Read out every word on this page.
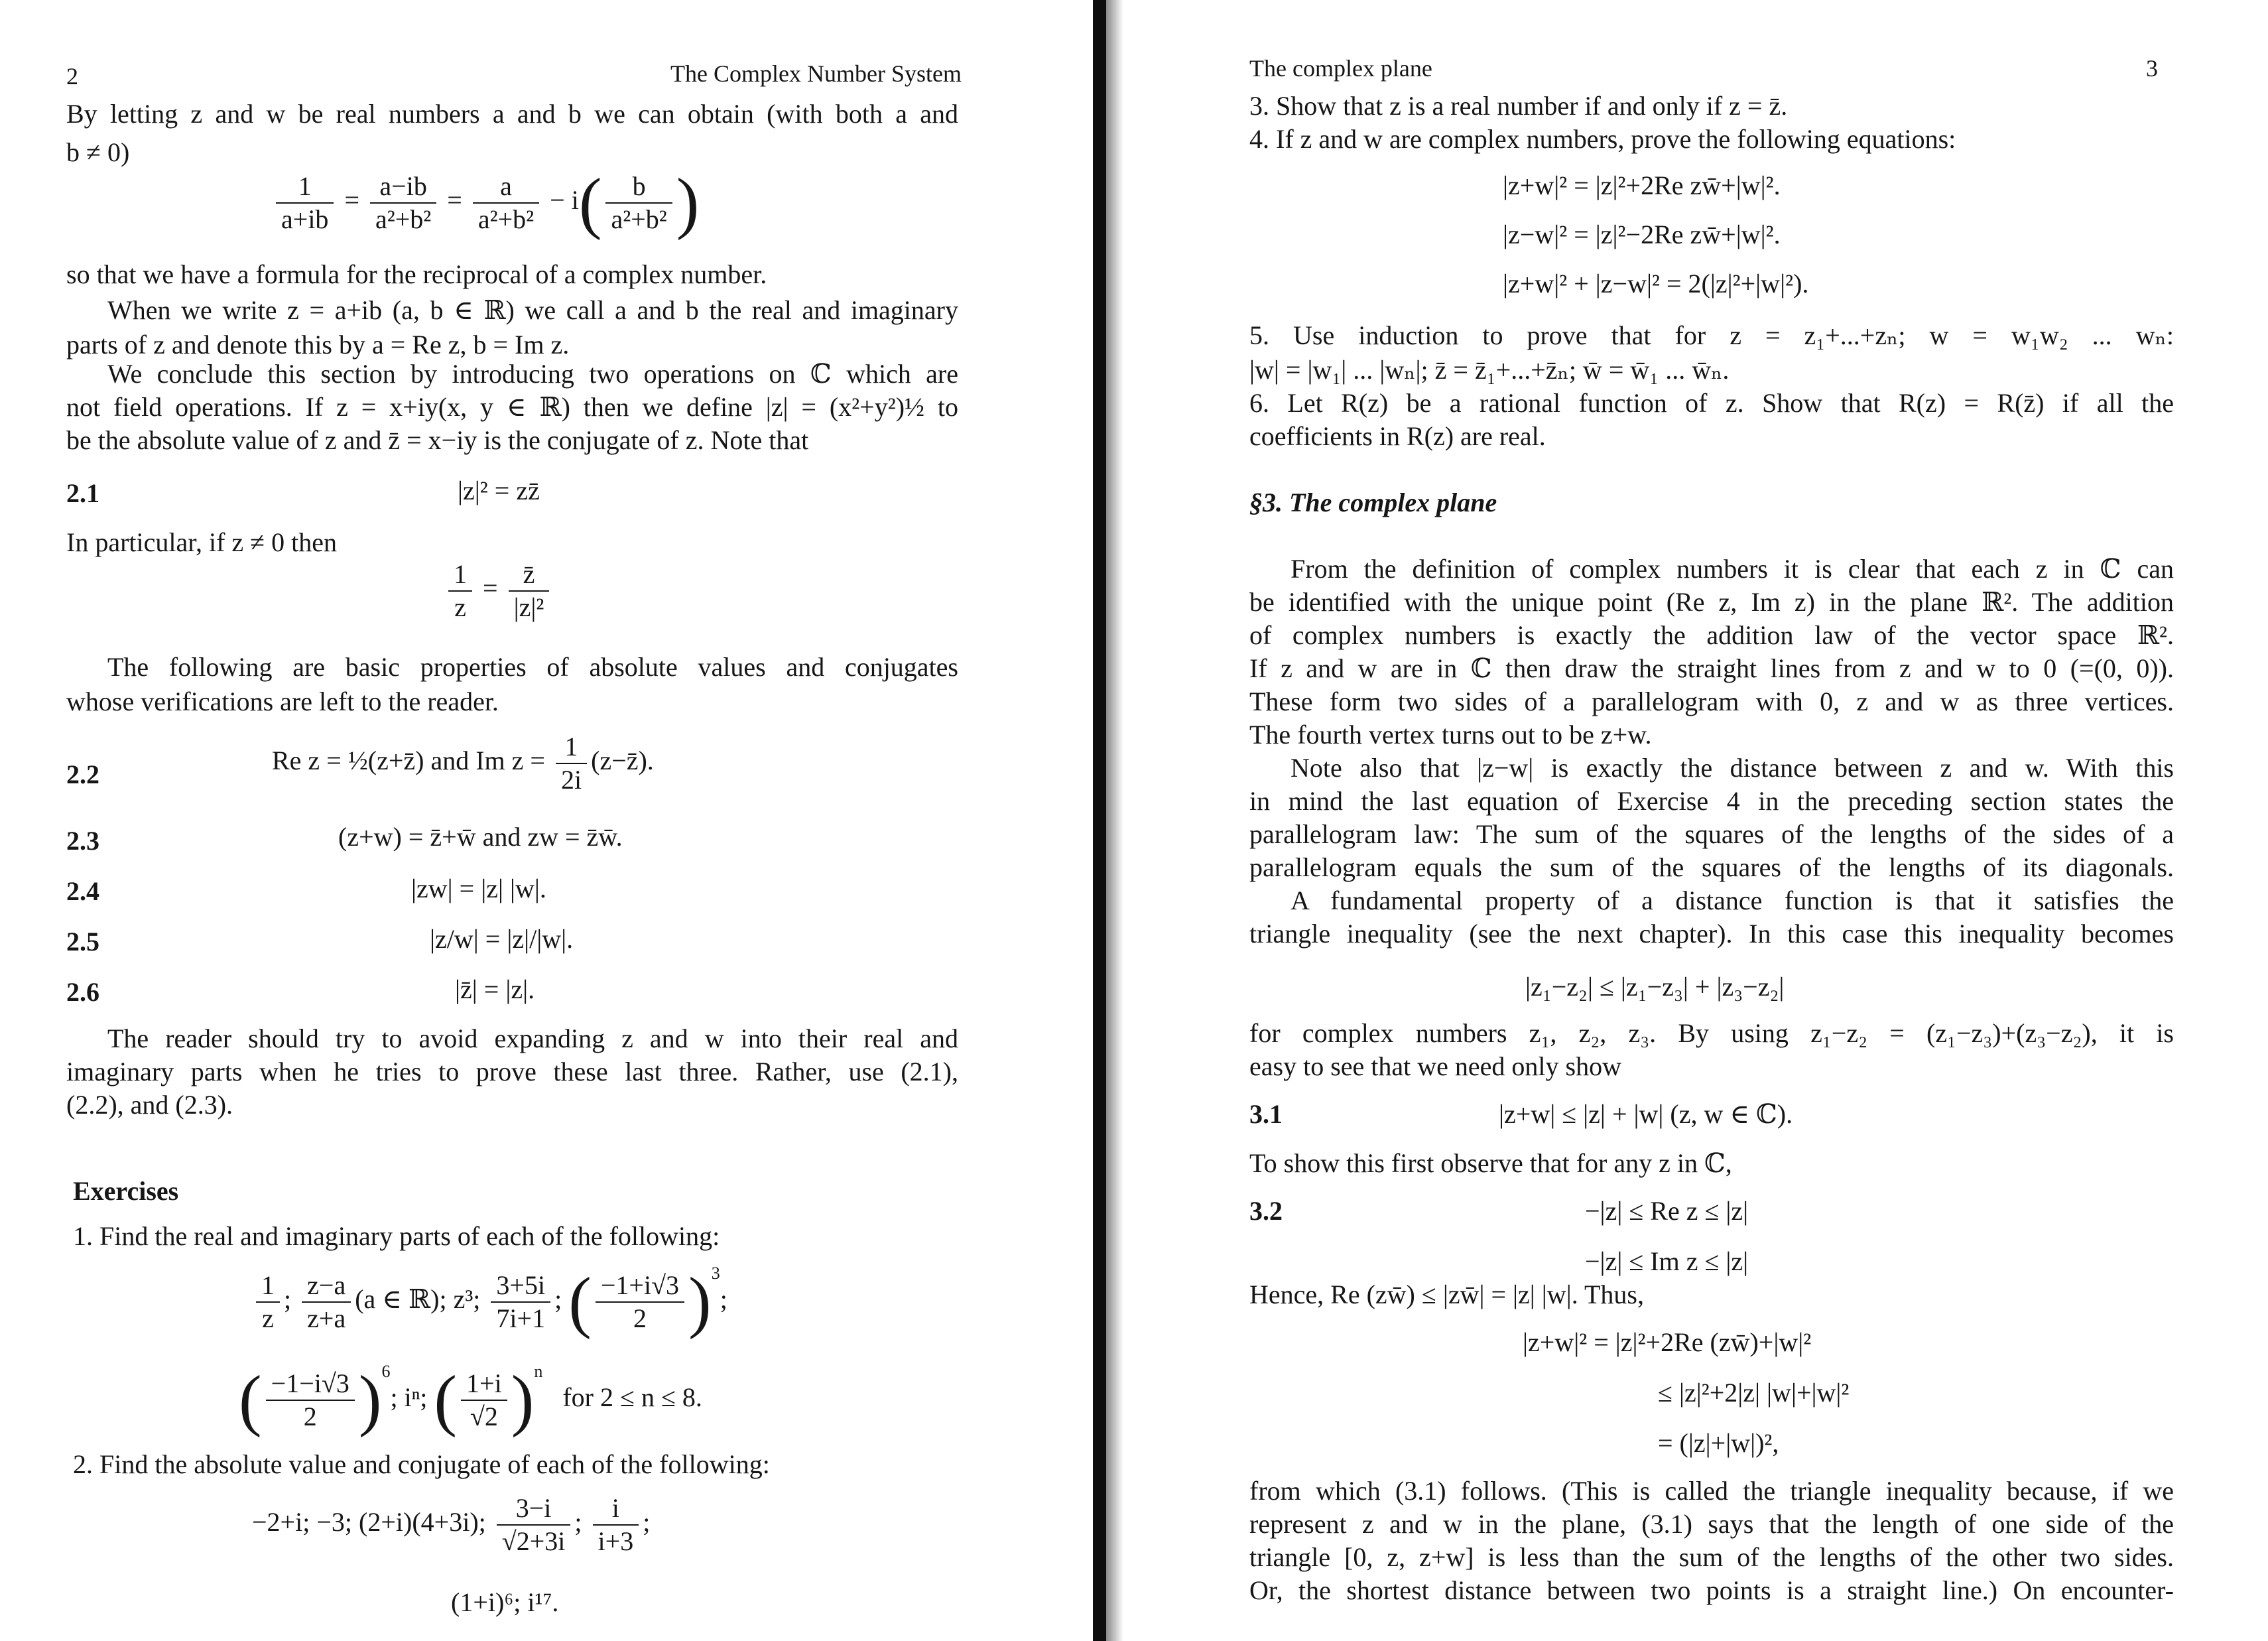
2	The Complex Number System
By letting z and w be real numbers a and b we can obtain (with both a and
b ≠ 0)
$\frac{1}{a+ib} = \frac{a-ib}{\text{a²+b²}} = \frac{a}{\text{a²+b²}} - i( \frac{b}{\text{a²+b²}}$ )
so that we have a formula for the reciprocal of a complex number.
When we write z = a+ib (a, b ∈ ℝ) we call a and b the real and imaginary
parts of z and denote this by a = Re z, b = Im z.
We conclude this section by introducing two operations on ℂ which are
not field operations. If z = x+iy(x, y ∈ ℝ) then we define |z| = (x²+y²)½ to
be the absolute value of z and z̄ = x−iy is the conjugate of z. Note that
2.1	|z|² = zz̄
In particular, if z ≠ 0 then
$\frac{1}{z} = \frac{z̄}{\text{|z|²}}$
The following are basic properties of absolute values and conjugates
whose verifications are left to the reader.
2.2	Re z = ½(z+z̄) and Im $z = \frac{1}{2i}$ (z−z̄).
2.3	(z+w) = z̄+w̄ and zw = z̄w̄.
2.4	|zw| = |z| |w|.
2.5	|z/w| = |z|/|w|.
2.6	|z̄| = |z|.
The reader should try to avoid expanding z and w into their real and
imaginary parts when he tries to prove these last three. Rather, use (2.1),
(2.2), and (2.3).
Exercises
1. Find the real and imaginary parts of each of the following:
$\frac{1}{z}$ ; $\frac{z-a}{z+a} (a$ ∈ ℝ); z³; $\frac{3+5i}{7i+1}$ ; ( $\frac{-1+i√3}{2} )^3$;
( $\frac{-1-i√3}{2} )^6$; iⁿ; ( $\frac{1+i}{√2} )^n$   for 2 ≤ n ≤ 8.
2. Find the absolute value and conjugate of each of the following:
−2+i; −3; (2+i)(4+3i); $\frac{3-i}{√2+3i}$ ; $\frac{i}{i+3}$ ;
(1+i)⁶; i¹⁷.
The complex plane	3
3. Show that z is a real number if and only if z = z̄.
4. If z and w are complex numbers, prove the following equations:
|z+w|² = |z|²+2Re zw̄+|w|².
|z−w|² = |z|²−2Re zw̄+|w|².
|z+w|² + |z−w|² = 2(|z|²+|w|²).
5. Use induction to prove that for z = z₁+...+zₙ; w = w₁w₂ ... wₙ:
|w| = |w₁| ... |wₙ|; z̄ = z̄₁+...+z̄ₙ; w̄ = w̄₁ ... w̄ₙ.
6. Let R(z) be a rational function of z. Show that R(z) = R(z̄) if all the
coefficients in R(z) are real.
§3. The complex plane
From the definition of complex numbers it is clear that each z in ℂ can
be identified with the unique point (Re z, Im z) in the plane ℝ². The addition
of complex numbers is exactly the addition law of the vector space ℝ².
If z and w are in ℂ then draw the straight lines from z and w to 0 (=(0, 0)).
These form two sides of a parallelogram with 0, z and w as three vertices.
The fourth vertex turns out to be z+w.
Note also that |z−w| is exactly the distance between z and w. With this
in mind the last equation of Exercise 4 in the preceding section states the
parallelogram law: The sum of the squares of the lengths of the sides of a
parallelogram equals the sum of the squares of the lengths of its diagonals.
A fundamental property of a distance function is that it satisfies the
triangle inequality (see the next chapter). In this case this inequality becomes
|z₁−z₂| ≤ |z₁−z₃| + |z₃−z₂|
for complex numbers z₁, z₂, z₃. By using z₁−z₂ = (z₁−z₃)+(z₃−z₂), it is
easy to see that we need only show
3.1	|z+w| ≤ |z| + |w| (z, w ∈ ℂ).
To show this first observe that for any z in ℂ,
3.2	−|z| ≤ Re z ≤ |z|
−|z| ≤ Im z ≤ |z|
Hence, Re (zw̄) ≤ |zw̄| = |z| |w|. Thus,
|z+w|² = |z|²+2Re (zw̄)+|w|²
≤ |z|²+2|z| |w|+|w|²
= (|z|+|w|)²,
from which (3.1) follows. (This is called the triangle inequality because, if we
represent z and w in the plane, (3.1) says that the length of one side of the
triangle [0, z, z+w] is less than the sum of the lengths of the other two sides.
Or, the shortest distance between two points is a straight line.) On encounter-
